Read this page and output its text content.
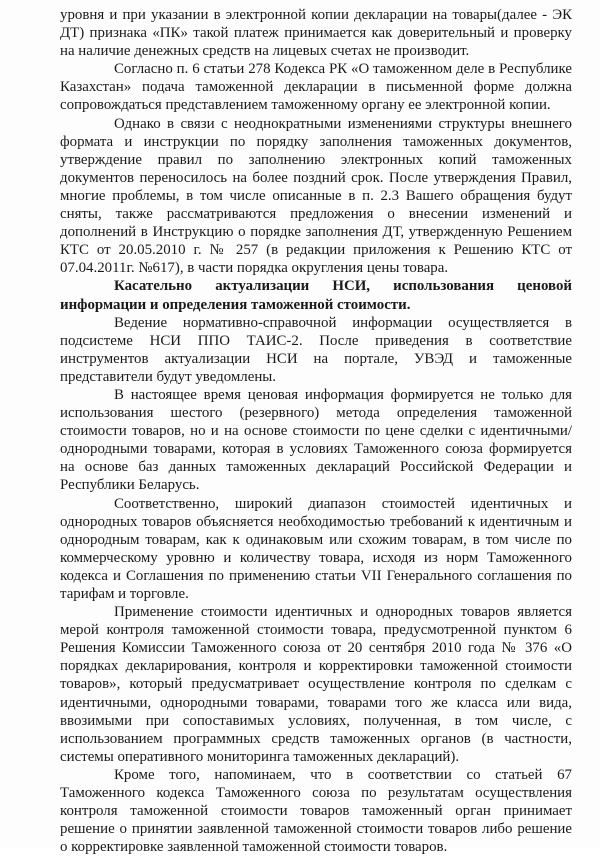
уровня и при указании в электронной копии декларации на товары(далее - ЭК ДТ) признака «ПК» такой платеж принимается как доверительный и проверку на наличие денежных средств на лицевых счетах не производит.

Согласно п. 6 статьи 278 Кодекса РК «О таможенном деле в Республике Казахстан» подача таможенной декларации в письменной форме должна сопровождаться представлением таможенному органу ее электронной копии.

Однако в связи с неоднократными изменениями структуры внешнего формата и инструкции по порядку заполнения таможенных документов, утверждение правил по заполнению электронных копий таможенных документов переносилось на более поздний срок. После утверждения Правил, многие проблемы, в том числе описанные в п. 2.3 Вашего обращения будут сняты, также рассматриваются предложения о внесении изменений и дополнений в Инструкцию о порядке заполнения ДТ, утвержденную Решением КТС от 20.05.2010 г. № 257 (в редакции приложения к Решению КТС от 07.04.2011г. №617), в части порядка округления цены товара.

Касательно актуализации НСИ, использования ценовой информации и определения таможенной стоимости.

Ведение нормативно-справочной информации осуществляется в подсистеме НСИ ППО ТАИС-2. После приведения в соответствие инструментов актуализации НСИ на портале, УВЭД и таможенные представители будут уведомлены.

В настоящее время ценовая информация формируется не только для использования шестого (резервного) метода определения таможенной стоимости товаров, но и на основе стоимости по цене сделки с идентичными/однородными товарами, которая в условиях Таможенного союза формируется на основе баз данных таможенных деклараций Российской Федерации и Республики Беларусь.

Соответственно, широкий диапазон стоимостей идентичных и однородных товаров объясняется необходимостью требований к идентичным и однородным товарам, как к одинаковым или схожим товарам, в том числе по коммерческому уровню и количеству товара, исходя из норм Таможенного кодекса и Соглашения по применению статьи VII Генерального соглашения по тарифам и торговле.

Применение стоимости идентичных и однородных товаров является мерой контроля таможенной стоимости товара, предусмотренной пунктом 6 Решения Комиссии Таможенного союза от 20 сентября 2010 года № 376 «О порядках декларирования, контроля и корректировки таможенной стоимости товаров», который предусматривает осуществление контроля по сделкам с идентичными, однородными товарами, товарами того же класса или вида, ввозимыми при сопоставимых условиях, полученная, в том числе, с использованием программных средств таможенных органов (в частности, системы оперативного мониторинга таможенных деклараций).

Кроме того, напоминаем, что в соответствии со статьей 67 Таможенного кодекса Таможенного союза по результатам осуществления контроля таможенной стоимости товаров таможенный орган принимает решение о принятии заявленной таможенной стоимости товаров либо решение о корректировке заявленной таможенной стоимости товаров.
